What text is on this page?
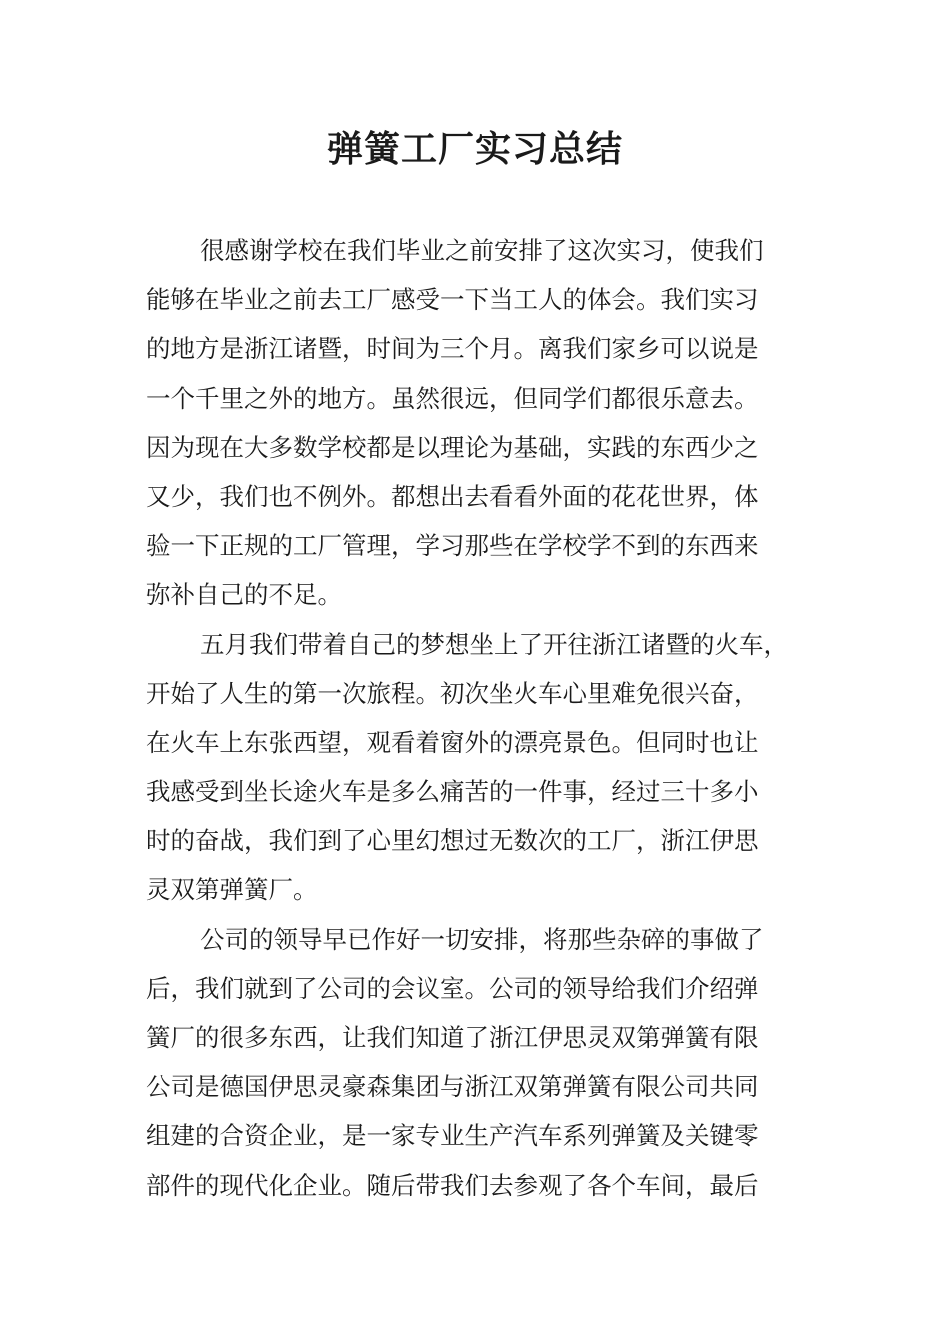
弹簧工厂实习总结
很感谢学校在我们毕业之前安排了这次实习，使我们
能够在毕业之前去工厂感受一下当工人的体会。我们实习
的地方是浙江诸暨，时间为三个月。离我们家乡可以说是
一个千里之外的地方。虽然很远，但同学们都很乐意去。
因为现在大多数学校都是以理论为基础，实践的东西少之
又少，我们也不例外。都想出去看看外面的花花世界，体
验一下正规的工厂管理，学习那些在学校学不到的东西来
弥补自己的不足。
五月我们带着自己的梦想坐上了开往浙江诸暨的火车，
开始了人生的第一次旅程。初次坐火车心里难免很兴奋，
在火车上东张西望，观看着窗外的漂亮景色。但同时也让
我感受到坐长途火车是多么痛苦的一件事，经过三十多小
时的奋战，我们到了心里幻想过无数次的工厂，浙江伊思
灵双第弹簧厂。
公司的领导早已作好一切安排，将那些杂碎的事做了
后，我们就到了公司的会议室。公司的领导给我们介绍弹
簧厂的很多东西，让我们知道了浙江伊思灵双第弹簧有限
公司是德国伊思灵豪森集团与浙江双第弹簧有限公司共同
组建的合资企业，是一家专业生产汽车系列弹簧及关键零
部件的现代化企业。随后带我们去参观了各个车间，最后
